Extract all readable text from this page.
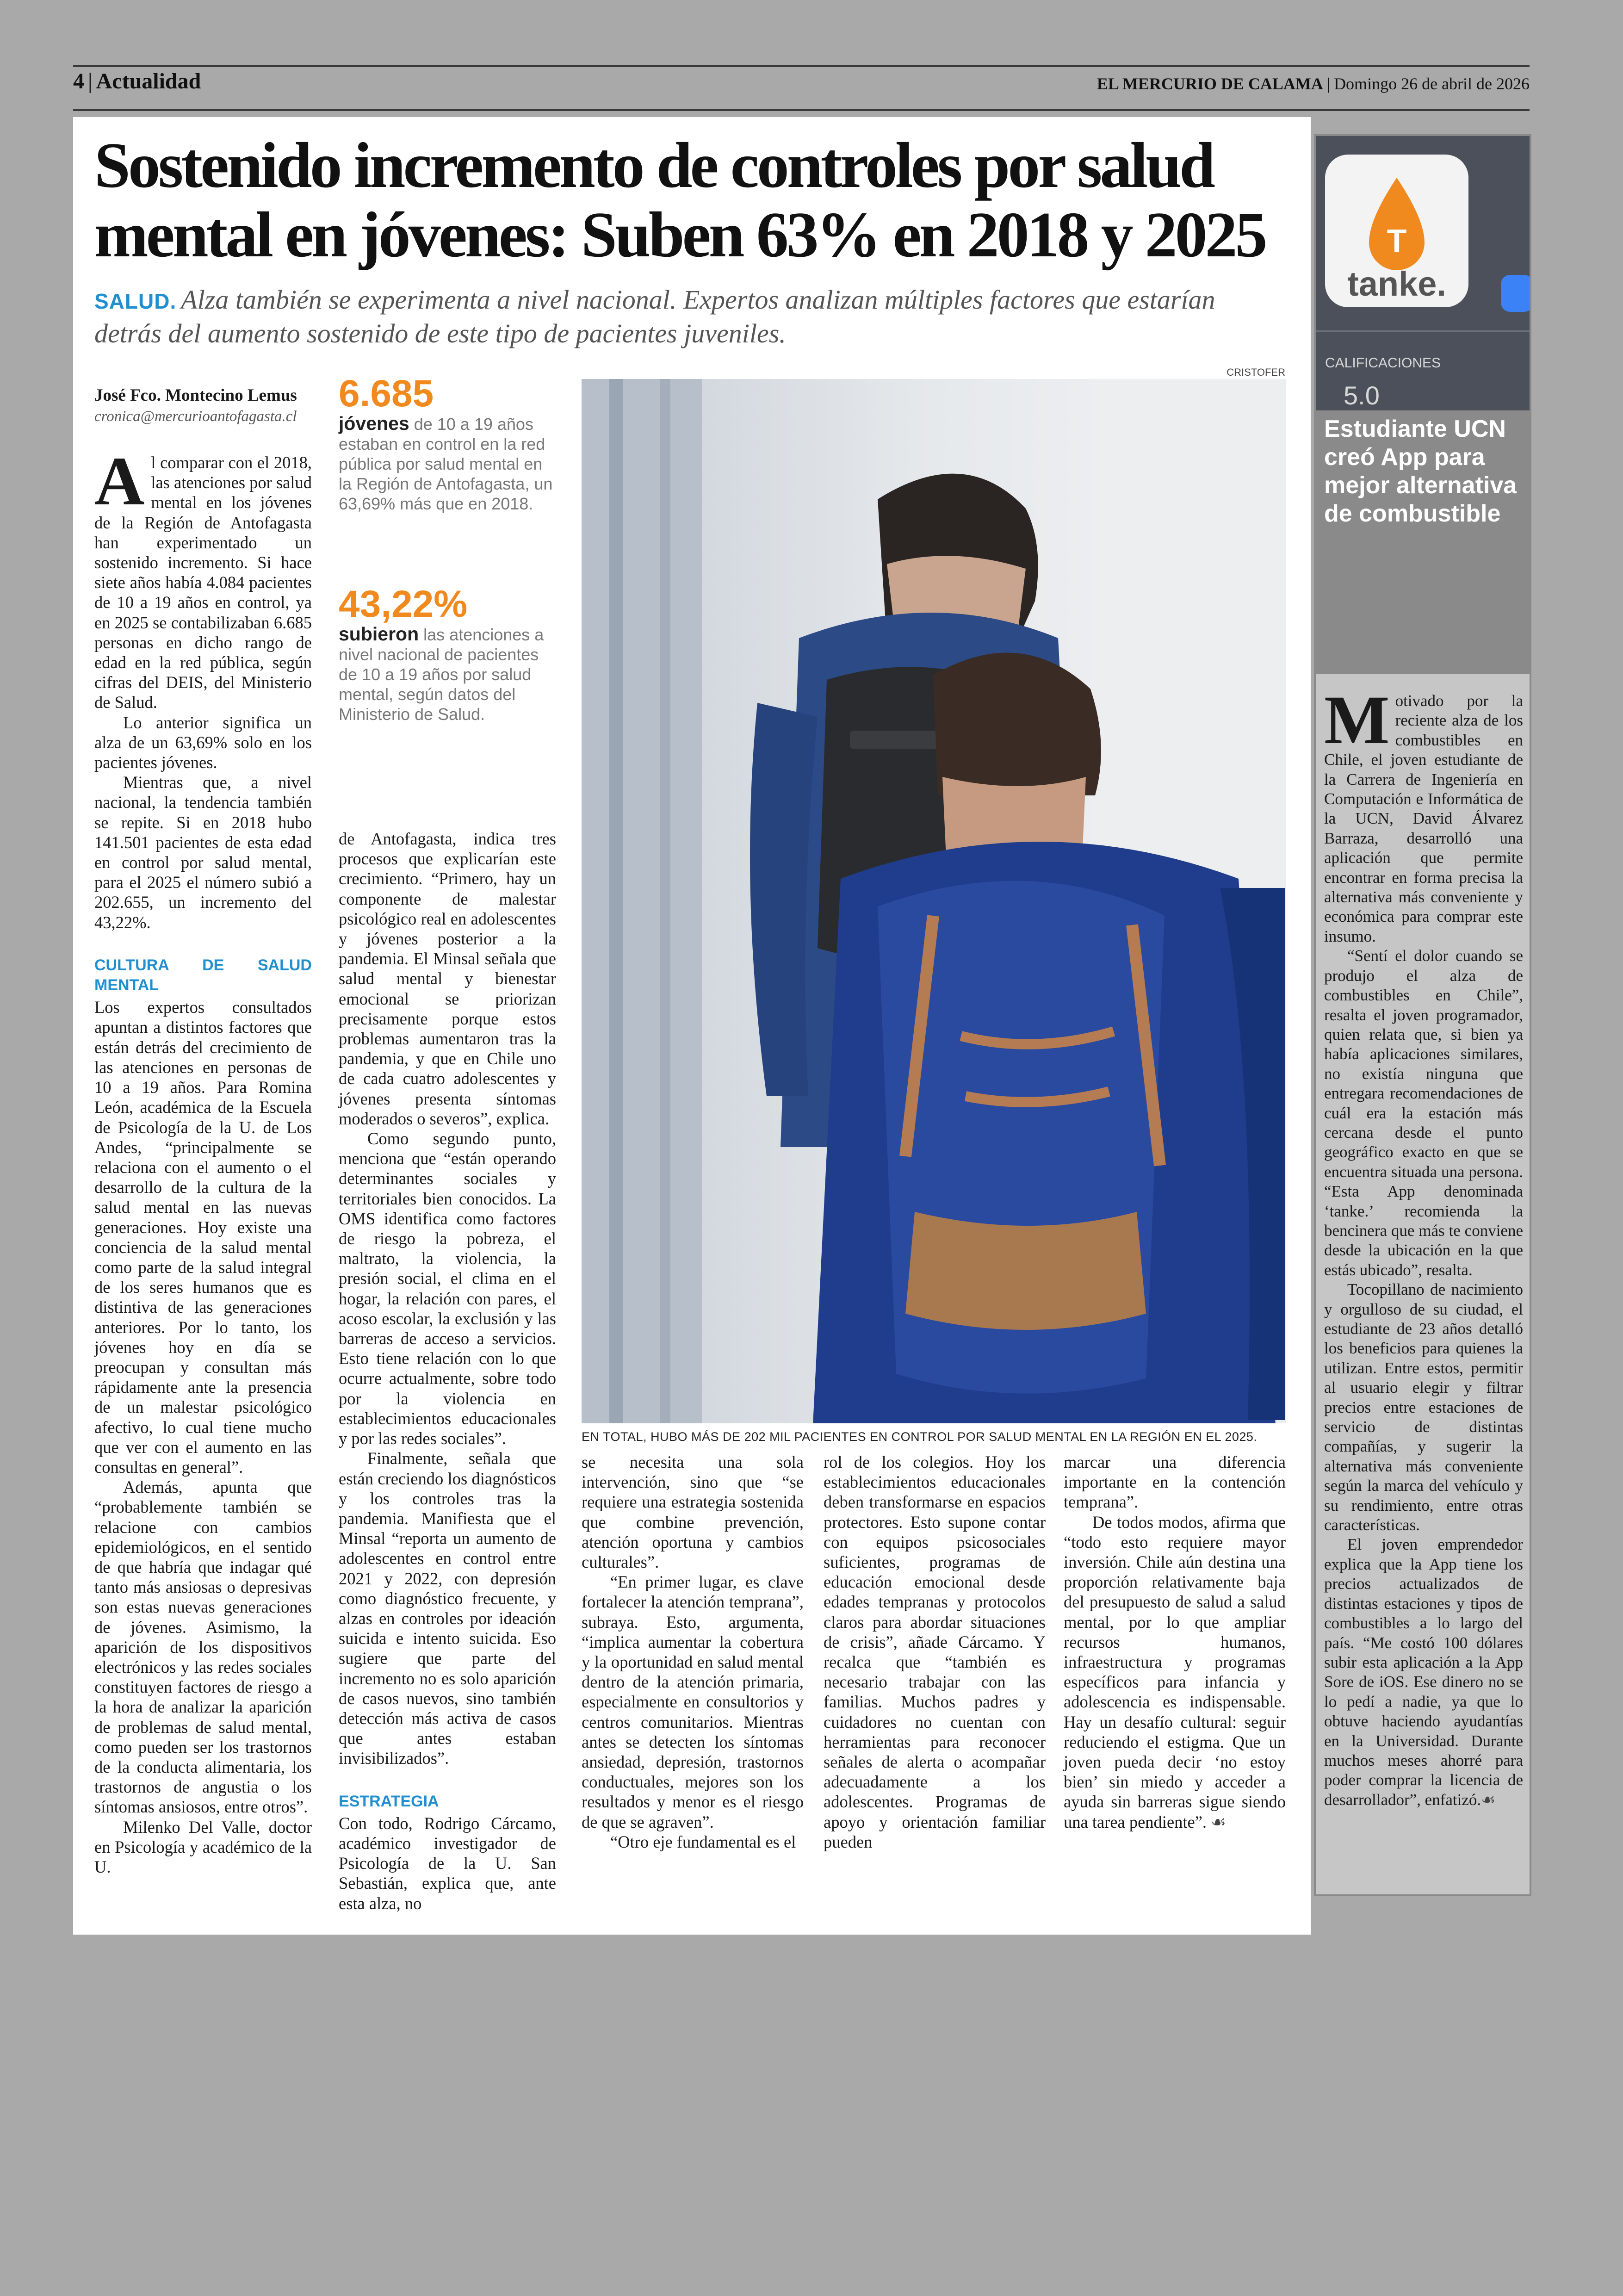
4 | Actualidad	EL MERCURIO DE CALAMA | Domingo 26 de abril de 2026
Sostenido incremento de controles por salud
mental en jóvenes: Suben 63% en 2018 y 2025
SALUD. Alza también se experimenta a nivel nacional. Expertos analizan múltiples factores que estarían detrás del aumento sostenido de este tipo de pacientes juveniles.
CRISTOFER
José Fco. Montecino Lemus
cronica@mercurioantofagasta.cl

Al comparar con el 2018, las atenciones por salud mental en los jóvenes de la Región de Antofagasta han experimentado un sostenido incremento. Si hace siete años había 4.084 pacientes de 10 a 19 años en control, ya en 2025 se contabilizaban 6.685 personas en dicho rango de edad en la red pública, según cifras del DEIS, del Ministerio de Salud.

Lo anterior significa un alza de un 63,69% solo en los pacientes jóvenes.

Mientras que, a nivel nacional, la tendencia también se repite. Si en 2018 hubo 141.501 pacientes de esta edad en control por salud mental, para el 2025 el número subió a 202.655, un incremento del 43,22%.

CULTURA DE SALUD MENTAL

Los expertos consultados apuntan a distintos factores que están detrás del crecimiento de las atenciones en personas de 10 a 19 años. Para Romina León, académica de la Escuela de Psicología de la U. de Los Andes, “principalmente se relaciona con el aumento o el desarrollo de la cultura de la salud mental en las nuevas generaciones. Hoy existe una conciencia de la salud mental como parte de la salud integral de los seres humanos que es distintiva de las generaciones anteriores. Por lo tanto, los jóvenes hoy en día se preocupan y consultan más rápidamente ante la presencia de un malestar psicológico afectivo, lo cual tiene mucho que ver con el aumento en las consultas en general”.

Además, apunta que “probablemente también se relacione con cambios epidemiológicos, en el sentido de que habría que indagar qué tanto más ansiosas o depresivas son estas nuevas generaciones de jóvenes. Asimismo, la aparición de los dispositivos electrónicos y las redes sociales constituyen factores de riesgo a la hora de analizar la aparición de problemas de salud mental, como pueden ser los trastornos de la conducta alimentaria, los trastornos de angustia o los síntomas ansiosos, entre otros”.

Milenko Del Valle, doctor en Psicología y académico de la U.

6.685
jóvenes de 10 a 19 años estaban en control en la red pública por salud mental en la Región de Antofagasta, un 63,69% más que en 2018.
43,22%
subieron las atenciones a nivel nacional de pacientes de 10 a 19 años por salud mental, según datos del Ministerio de Salud.

de Antofagasta, indica tres procesos que explicarían este crecimiento. “Primero, hay un componente de malestar psicológico real en adolescentes y jóvenes posterior a la pandemia. El Minsal señala que salud mental y bienestar emocional se priorizan precisamente porque estos problemas aumentaron tras la pandemia, y que en Chile uno de cada cuatro adolescentes y jóvenes presenta síntomas moderados o severos”, explica.

Como segundo punto, menciona que “están operando determinantes sociales y territoriales bien conocidos. La OMS identifica como factores de riesgo la pobreza, el maltrato, la violencia, la presión social, el clima en el hogar, la relación con pares, el acoso escolar, la exclusión y las barreras de acceso a servicios. Esto tiene relación con lo que ocurre actualmente, sobre todo por la violencia en establecimientos educacionales y por las redes sociales”.

Finalmente, señala que están creciendo los diagnósticos y los controles tras la pandemia. Manifiesta que el Minsal “reporta un aumento de adolescentes en control entre 2021 y 2022, con depresión como diagnóstico frecuente, y alzas en controles por ideación suicida e intento suicida. Eso sugiere que parte del incremento no es solo aparición de casos nuevos, sino también detección más activa de casos que antes estaban invisibilizados”.

ESTRATEGIA

Con todo, Rodrigo Cárcamo, académico investigador de Psicología de la U. San Sebastián, explica que, ante esta alza, no

EN TOTAL, HUBO MÁS DE 202 MIL PACIENTES EN CONTROL POR SALUD MENTAL EN LA REGIÓN EN EL 2025.

se necesita una sola intervención, sino que “se requiere una estrategia sostenida que combine prevención, atención oportuna y cambios culturales”.

“En primer lugar, es clave fortalecer la atención temprana”, subraya. Esto, argumenta, “implica aumentar la cobertura y la oportunidad en salud mental dentro de la atención primaria, especialmente en consultorios y centros comunitarios. Mientras antes se detecten los síntomas ansiedad, depresión, trastornos conductuales, mejores son los resultados y menor es el riesgo de que se agraven”.

“Otro eje fundamental es el

rol de los colegios. Hoy los establecimientos educacionales deben transformarse en espacios protectores. Esto supone contar con equipos psicosociales suficientes, programas de educación emocional desde edades tempranas y protocolos claros para abordar situaciones de crisis”, añade Cárcamo. Y recalca que “también es necesario trabajar con las familias. Muchos padres y cuidadores no cuentan con herramientas para reconocer señales de alerta o acompañar adecuadamente a los adolescentes. Programas de apoyo y orientación familiar pueden

marcar una diferencia importante en la contención temprana”.

De todos modos, afirma que “todo esto requiere mayor inversión. Chile aún destina una proporción relativamente baja del presupuesto de salud a salud mental, por lo que ampliar recursos humanos, infraestructura y programas específicos para infancia y adolescencia es indispensable. Hay un desafío cultural: seguir reduciendo el estigma. Que un joven pueda decir ‘no estoy bien’ sin miedo y acceder a ayuda sin barreras sigue siendo una tarea pendiente”. ☙

T
tanke.
CALIFICACIONES
5.0
Estudiante UCN
creó App para
mejor alternativa
de combustible

Motivado por la reciente alza de los combustibles en Chile, el joven estudiante de la Carrera de Ingeniería en Computación e Informática de la UCN, David Álvarez Barraza, desarrolló una aplicación que permite encontrar en forma precisa la alternativa más conveniente y económica para comprar este insumo.

“Sentí el dolor cuando se produjo el alza de combustibles en Chile”, resalta el joven programador, quien relata que, si bien ya había aplicaciones similares, no existía ninguna que entregara recomendaciones de cuál era la estación más cercana desde el punto geográfico exacto en que se encuentra situada una persona. “Esta App denominada ‘tanke.’ recomienda la bencinera que más te conviene desde la ubicación en la que estás ubicado”, resalta.

Tocopillano de nacimiento y orgulloso de su ciudad, el estudiante de 23 años detalló los beneficios para quienes la utilizan. Entre estos, permitir al usuario elegir y filtrar precios entre estaciones de servicio de distintas compañías, y sugerir la alternativa más conveniente según la marca del vehículo y su rendimiento, entre otras características.

El joven emprendedor explica que la App tiene los precios actualizados de distintas estaciones y tipos de combustibles a lo largo del país. “Me costó 100 dólares subir esta aplicación a la App Sore de iOS. Ese dinero no se lo pedí a nadie, ya que lo obtuve haciendo ayudantías en la Universidad. Durante muchos meses ahorré para poder comprar la licencia de desarrollador”, enfatizó.☙
